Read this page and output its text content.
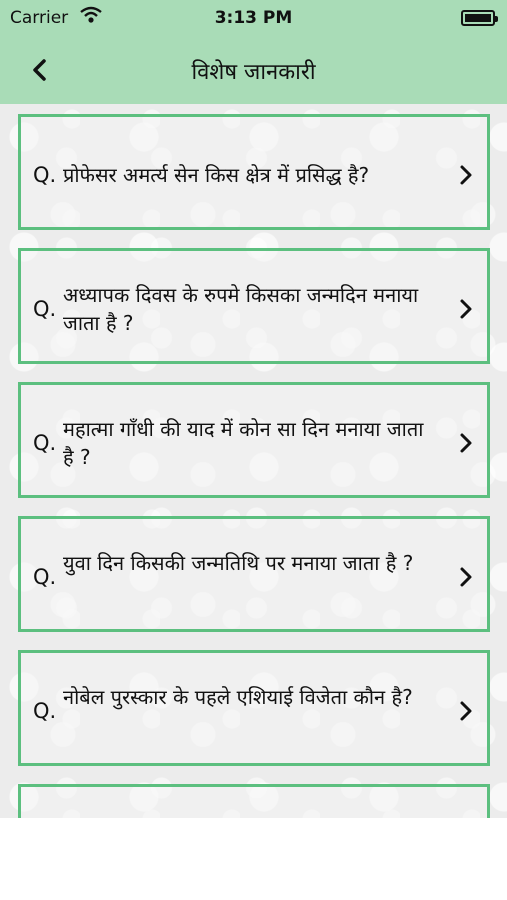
Carrier	3:13 PM
विशेष जानकारी
Q. प्रोफेसर अमर्त्य सेन किस क्षेत्र में प्रसिद्ध है?
Q.
अध्यापक दिवस के रुपमे किसका जन्मदिन मनाया जाता है ?
Q.
महात्मा गाँधी की याद में कोन सा दिन मनाया जाता है ?
Q.
युवा दिन किसकी जन्मतिथि पर मनाया जाता है ?
Q.
नोबेल पुरस्कार के पहले एशियाई विजेता कौन है?
